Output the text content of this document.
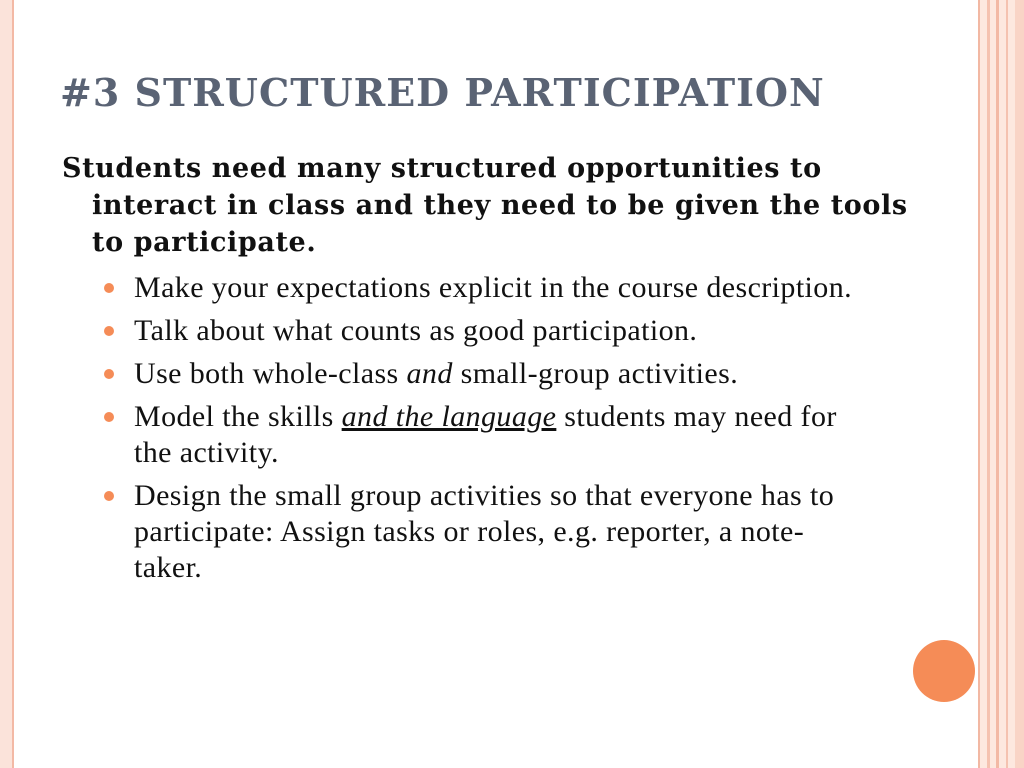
#3 STRUCTURED PARTICIPATION

Students need many structured opportunities to interact in class and they need to be given the tools to participate.

Make your expectations explicit in the course description.
Talk about what counts as good participation.
Use both whole-class and small-group activities.
Model the skills and the language students may need for the activity.
Design the small group activities so that everyone has to participate: Assign tasks or roles, e.g. reporter, a note-taker.
